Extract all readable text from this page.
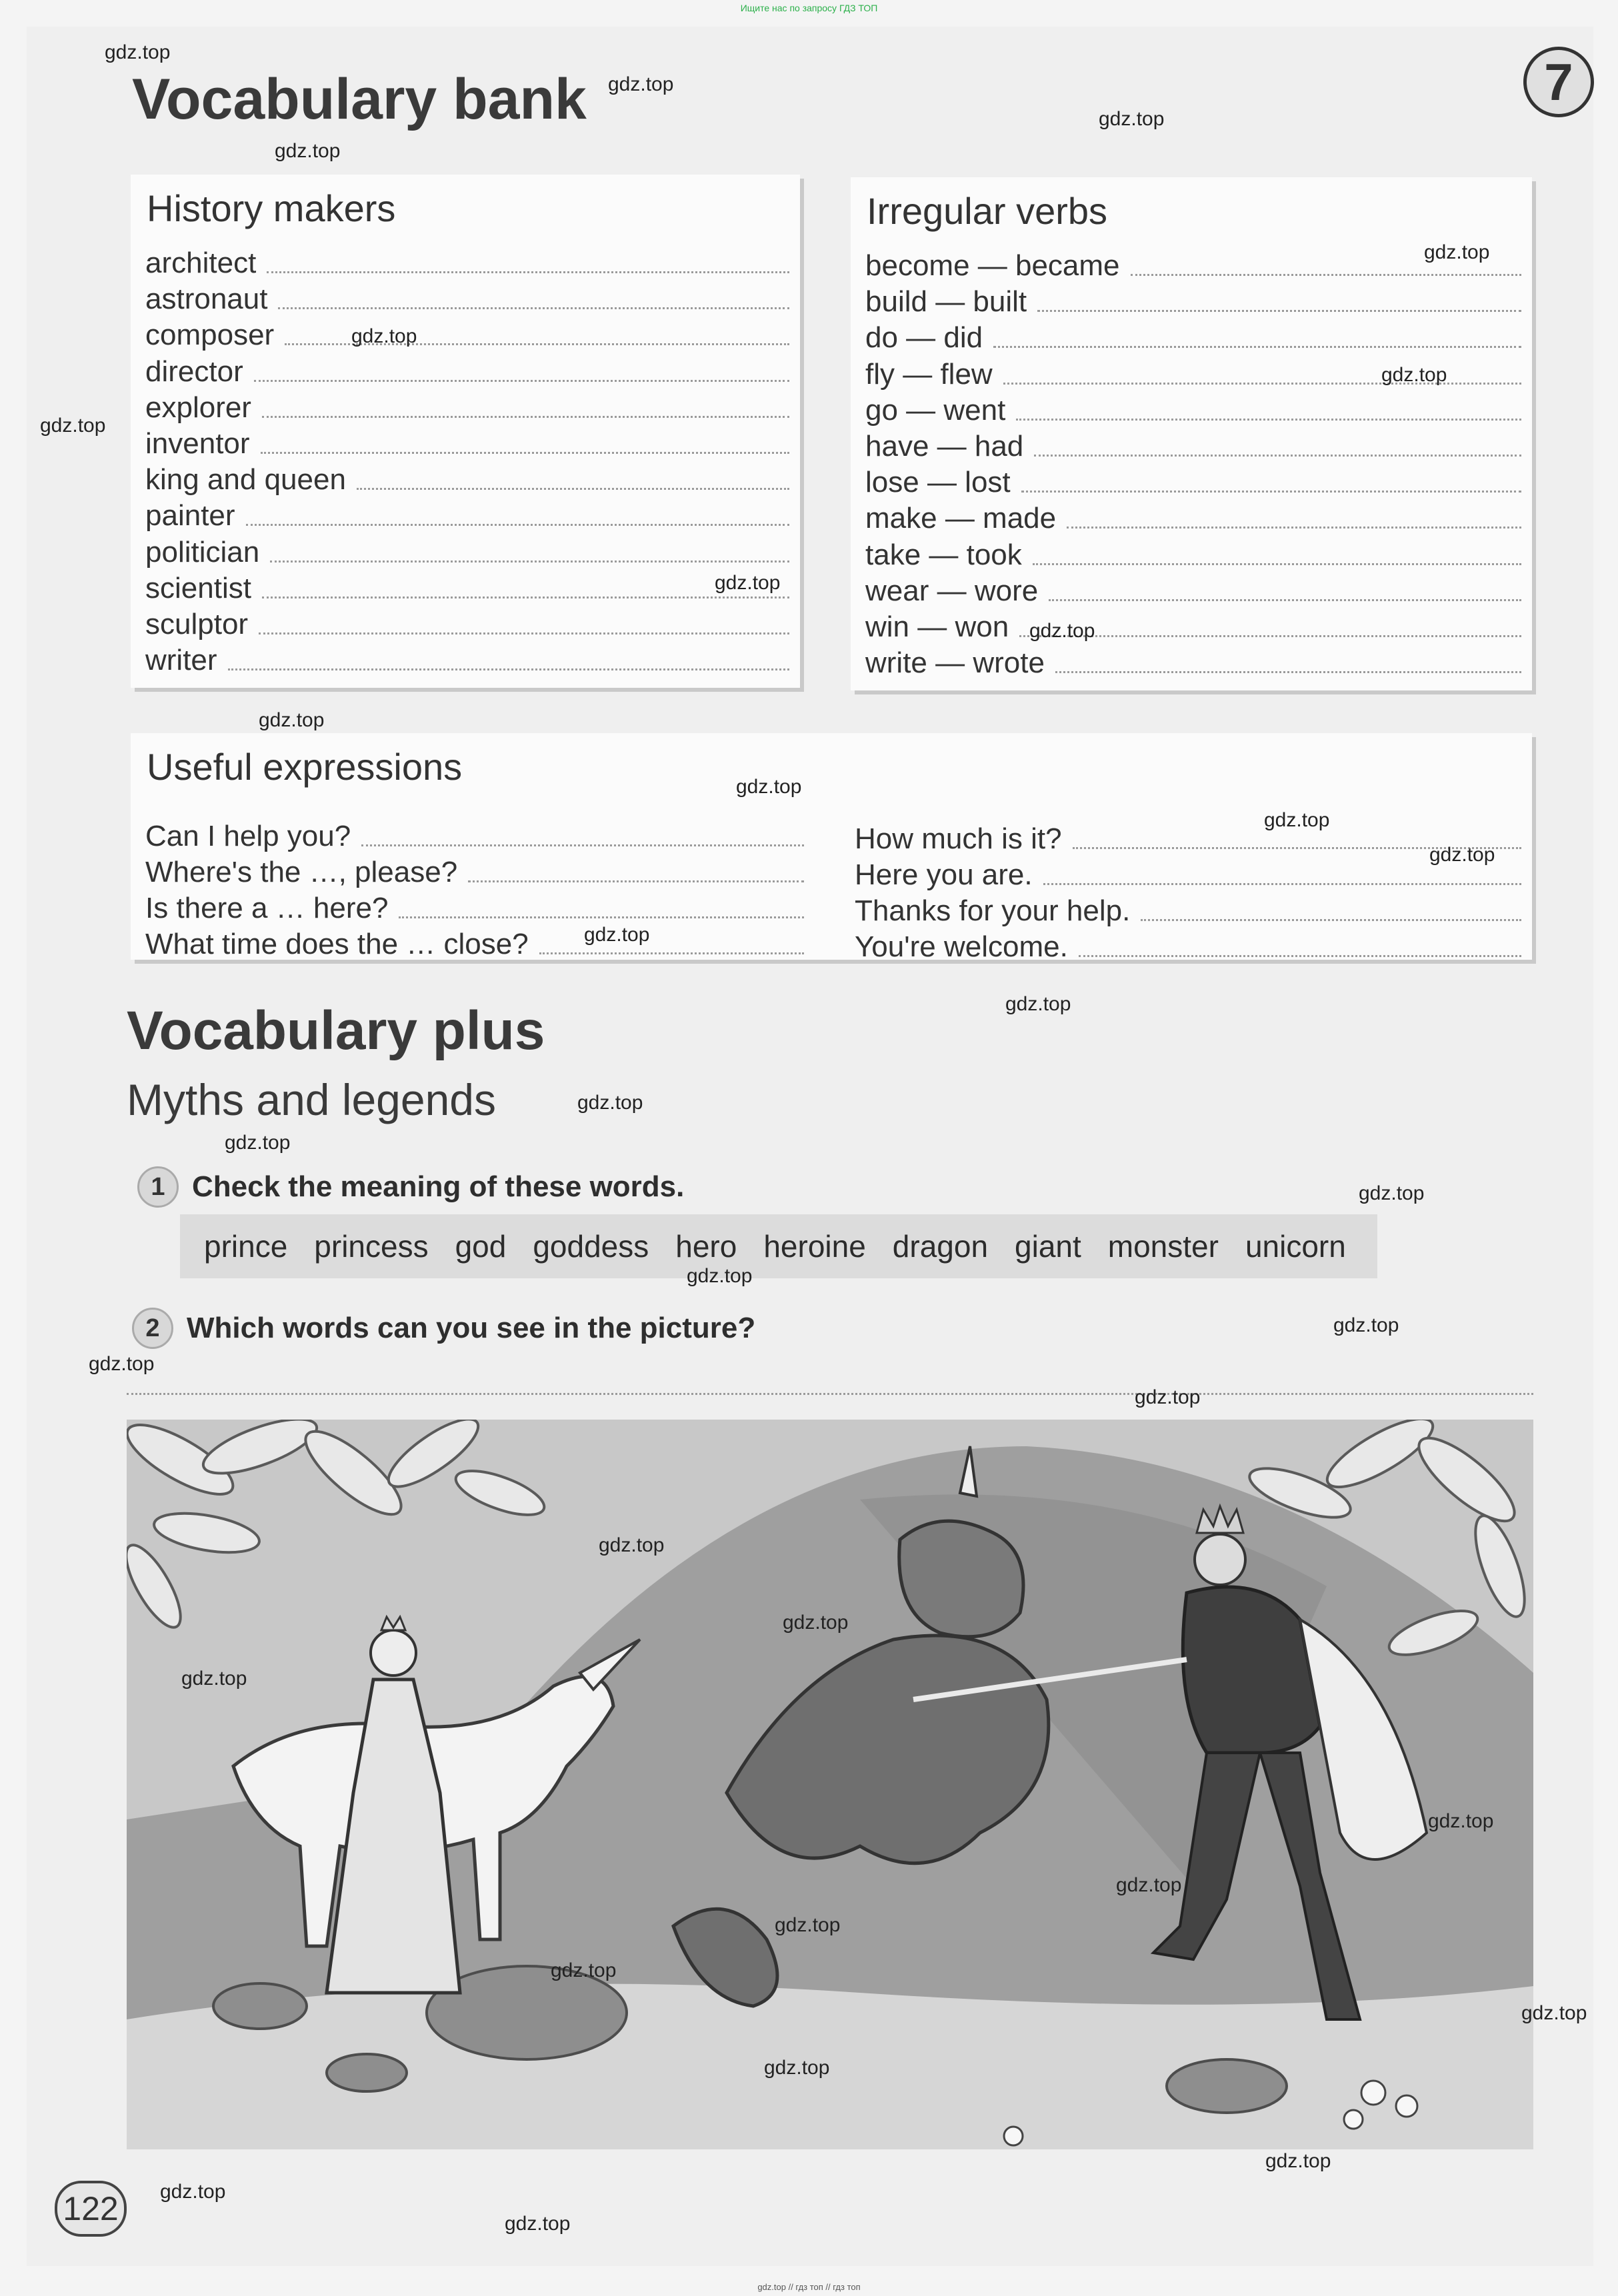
Ищите нас по запросу ГДЗ ТОП
Vocabulary bank	7
History makers
architect
astronaut
composer
director
explorer
inventor
king and queen
painter
politician
scientist
sculptor
writer
Irregular verbs
become — became
build — built
do — did
fly — flew
go — went
have — had
lose — lost
make — made
take — took
wear — wore
win — won
write — wrote
Useful expressions
Can I help you?
Where's the …, please?
Is there a … here?
What time does the … close?
How much is it?
Here you are.
Thanks for your help.
You're welcome.
Vocabulary plus
Myths and legends
1 Check the meaning of these words.
prince princess god goddess hero heroine dragon giant monster unicorn
2 Which words can you see in the picture?
122
gdz.top
gdz.top
gdz.top
gdz.top
gdz.top
gdz.top
gdz.top
gdz.top
gdz.top
gdz.top
gdz.top
gdz.top
gdz.top
gdz.top
gdz.top
gdz.top
gdz.top
gdz.top
gdz.top
gdz.top
gdz.top
gdz.top
gdz.top
gdz.top
gdz.top
gdz.top
gdz.top
gdz.top
gdz.top
gdz.top
gdz.top
gdz.top
gdz.top
gdz.top
gdz.top
gdz.top // гдз топ // гдз топ
